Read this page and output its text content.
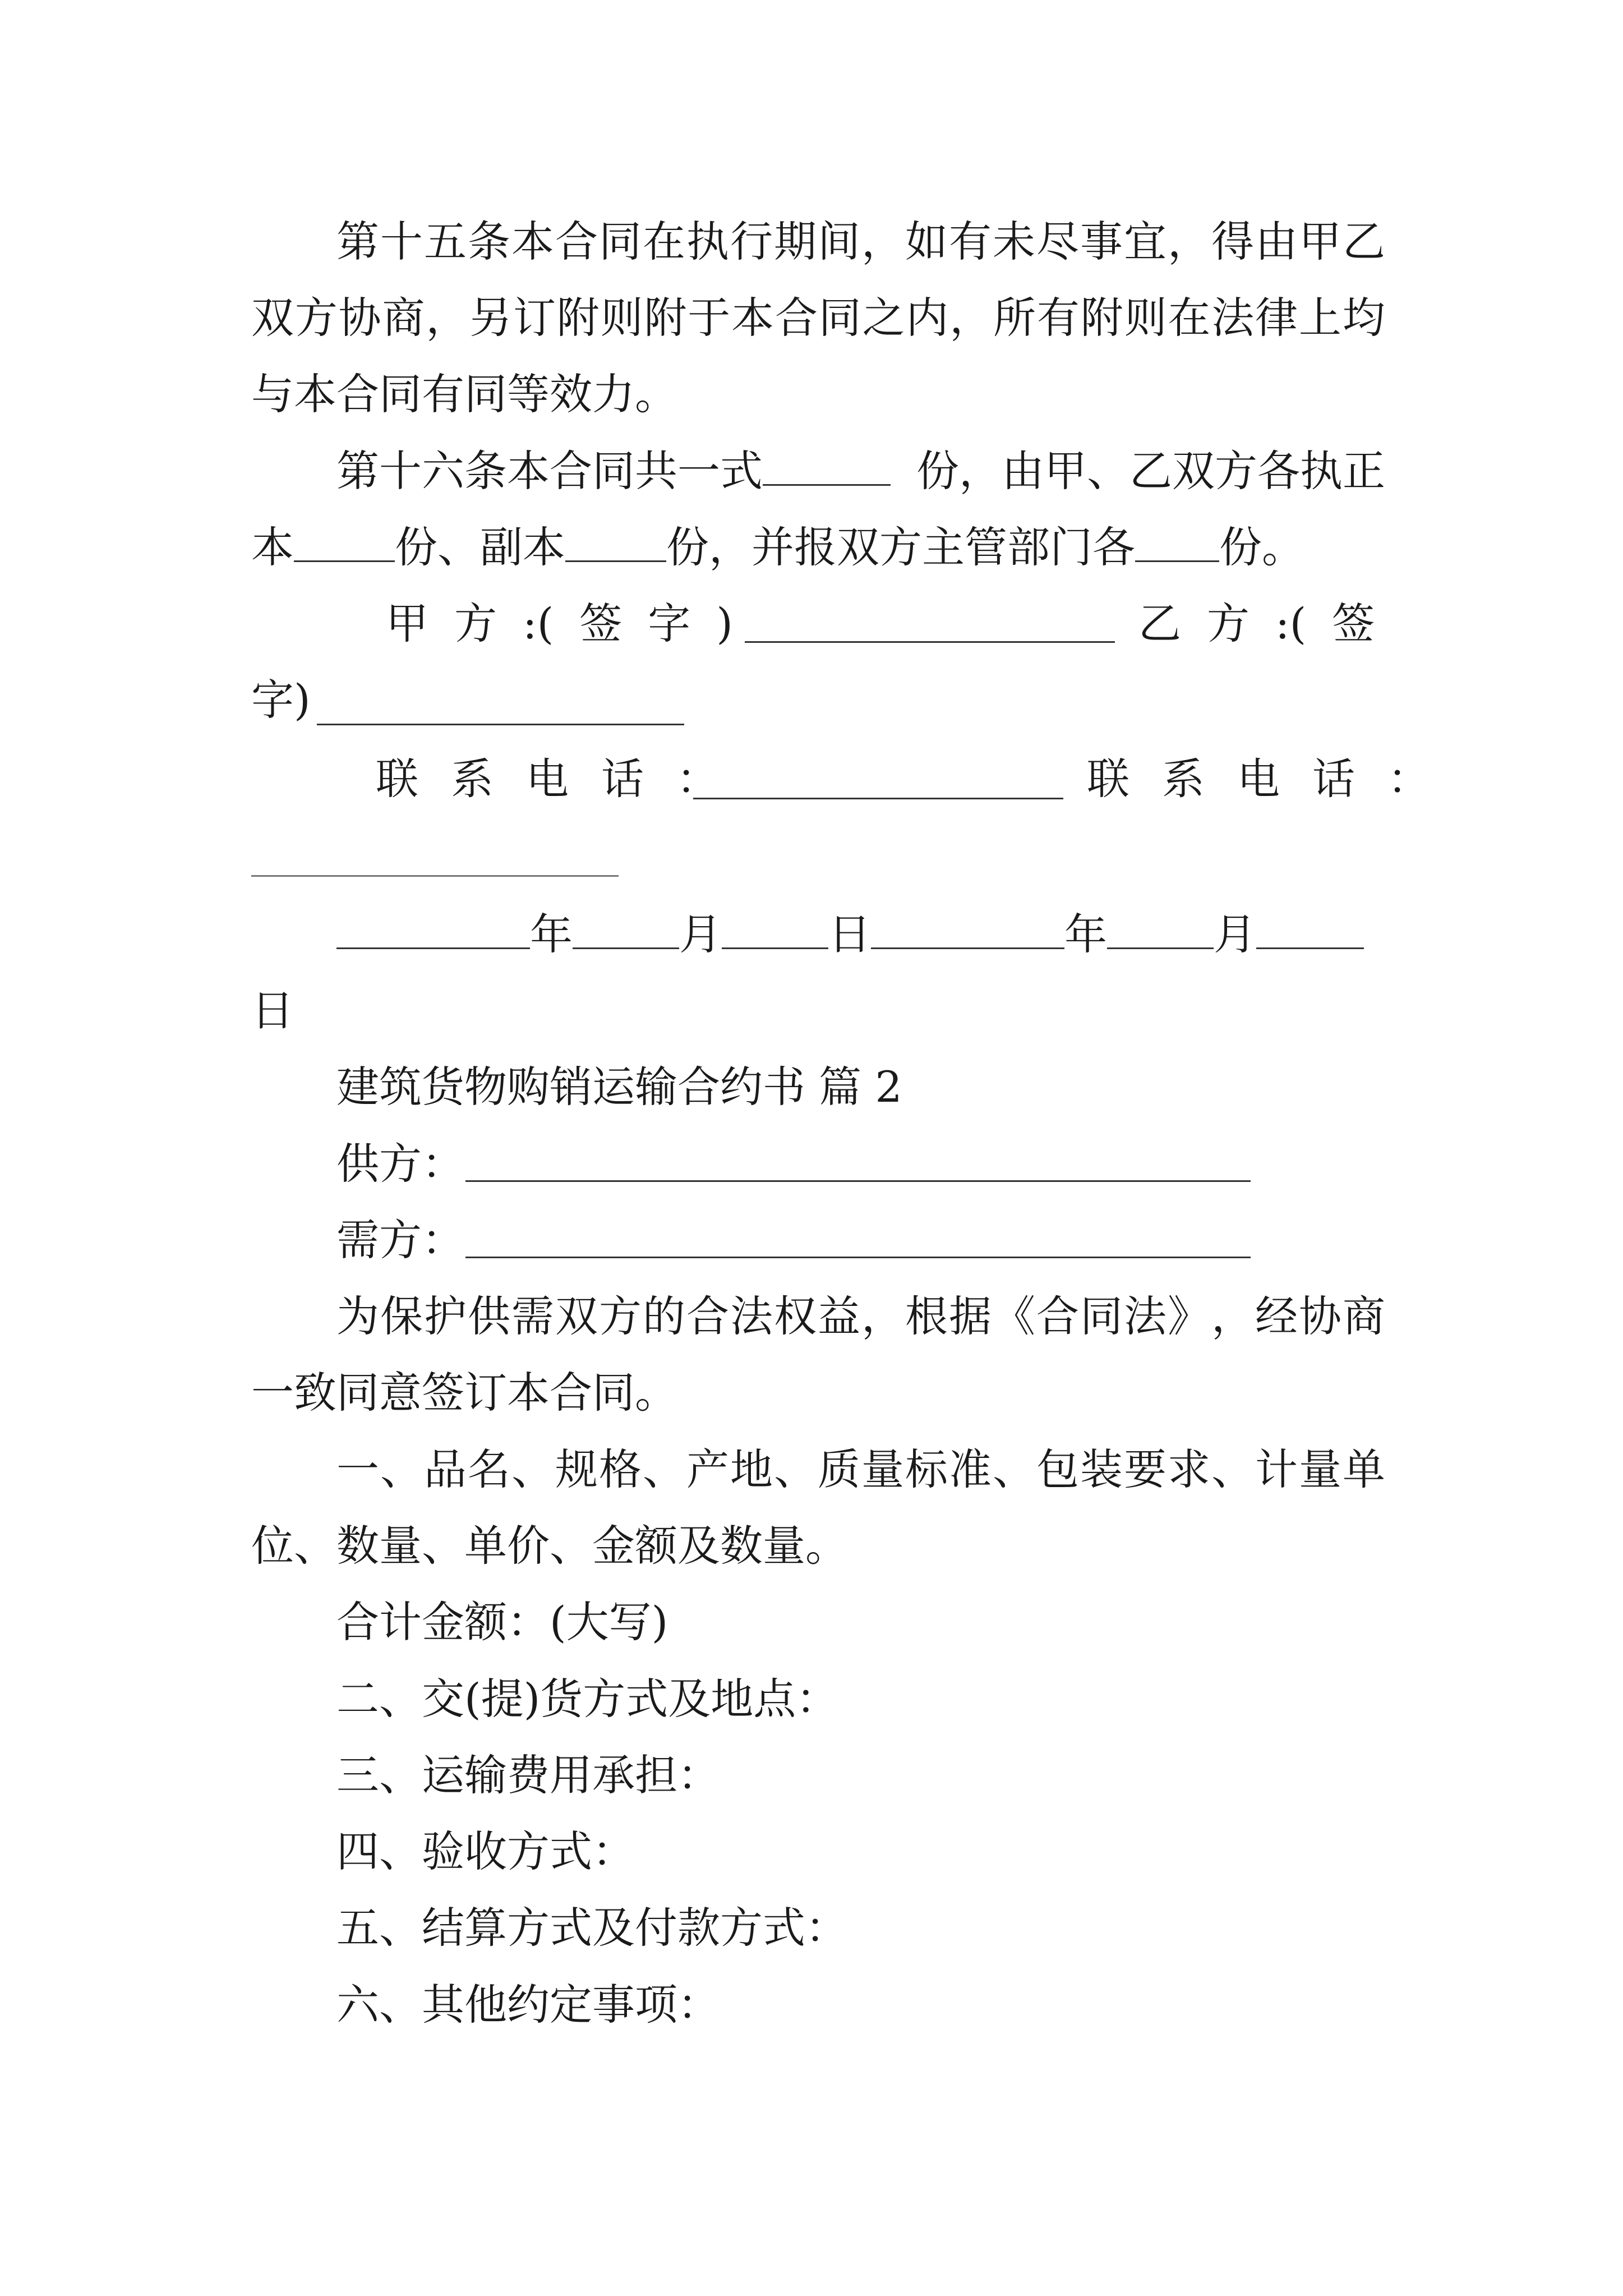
第 十 五 条 本 合 同 在 执 行 期 间 ， 如 有 未 尽 事 宜 ， 得 由 甲 乙
双 方 协 商 ， 另 订 附 则 附 于 本 合 同 之 内 ， 所 有 附 则 在 法 律 上 均
与本合同有同等效力。
第十六条本合同共一式	份，由甲、乙双方各执正
本 份、副本 份，并报双方主管部门各 份。
甲 方 :( 签 字 )	乙 方 :( 签
字)
联 系 电 话 ：	联 系 电 话 ：
年	月	日	年	月
日
建筑货物购销运输合约书 篇 2
供方：
需方：
为 保 护 供 需 双 方 的 合 法 权 益 ， 根 据 《 合 同 法 》 ， 经 协 商
一致同意签订本合同。
一 、 品 名 、 规 格 、 产 地 、 质 量 标 准 、 包 装 要 求 、 计 量 单
位、数量、单价、金额及数量。
合计金额：(大写)
二、交(提)货方式及地点：
三、运输费用承担：
四、验收方式：
五、结算方式及付款方式：
六、其他约定事项：
